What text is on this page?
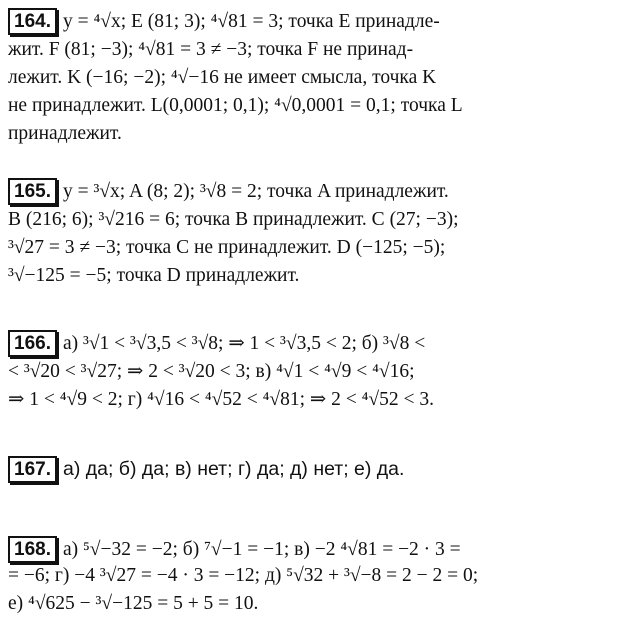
164. y = ⁴√x; E (81; 3); ⁴√81 = 3; точка E принадле-
жит. F (81; −3); ⁴√81 = 3 ≠ −3; точка F не принад-
лежит. K (−16; −2); ⁴√−16 не имеет смысла, точка K
не принадлежит. L(0,0001; 0,1); ⁴√0,0001 = 0,1; точка L
принадлежит.
165. y = ³√x; A (8; 2); ³√8 = 2; точка A принадлежит.
B (216; 6); ³√216 = 6; точка B принадлежит. C (27; −3);
³√27 = 3 ≠ −3; точка C не принадлежит. D (−125; −5);
³√−125 = −5; точка D принадлежит.
166. а) ³√1 < ³√3,5 < ³√8; ⇒ 1 < ³√3,5 < 2; б) ³√8 <
< ³√20 < ³√27; ⇒ 2 < ³√20 < 3; в) ⁴√1 < ⁴√9 < ⁴√16;
⇒ 1 < ⁴√9 < 2; г) ⁴√16 < ⁴√52 < ⁴√81; ⇒ 2 < ⁴√52 < 3.
167. а) да; б) да; в) нет; г) да; д) нет; е) да.
168. а) ⁵√−32 = −2; б) ⁷√−1 = −1; в) −2 ⁴√81 = −2 · 3 =
= −6; г) −4 ³√27 = −4 · 3 = −12; д) ⁵√32 + ³√−8 = 2 − 2 = 0;
е) ⁴√625 − ³√−125 = 5 + 5 = 10.
